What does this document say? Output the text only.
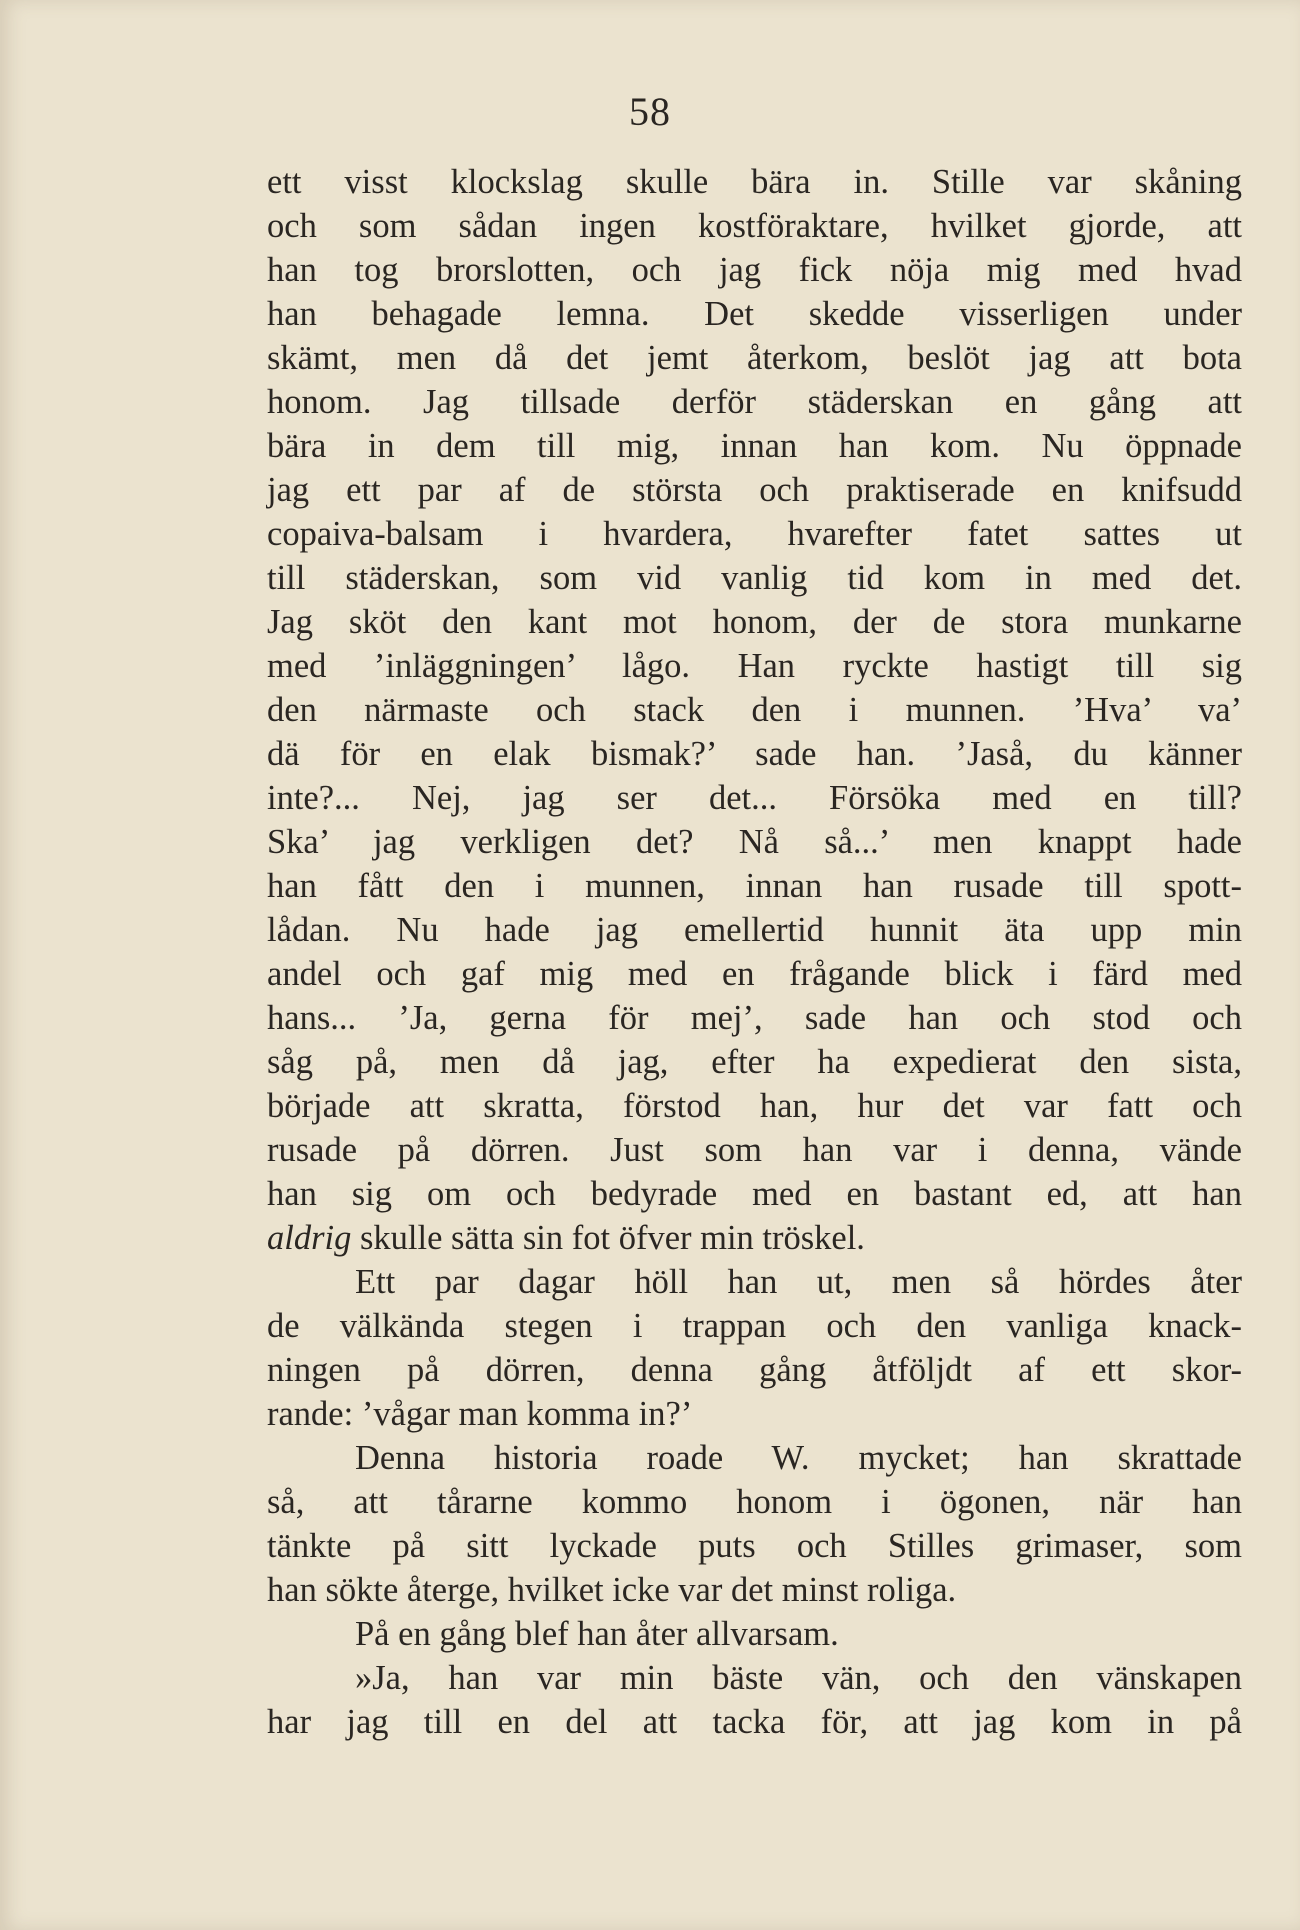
58
ett visst klockslag skulle bära in. Stille var skåning
och som sådan ingen kostföraktare, hvilket gjorde, att
han tog brorslotten, och jag fick nöja mig med hvad
han behagade lemna. Det skedde visserligen under
skämt, men då det jemt återkom, beslöt jag att bota
honom. Jag tillsade derför städerskan en gång att
bära in dem till mig, innan han kom. Nu öppnade
jag ett par af de största och praktiserade en knifsudd
copaiva-balsam i hvardera, hvarefter fatet sattes ut
till städerskan, som vid vanlig tid kom in med det.
Jag sköt den kant mot honom, der de stora munkarne
med ’inläggningen’ lågo. Han ryckte hastigt till sig
den närmaste och stack den i munnen. ’Hva’ va’
dä för en elak bismak?’ sade han. ’Jaså, du känner
inte?... Nej, jag ser det... Försöka med en till?
Ska’ jag verkligen det? Nå så...’ men knappt hade
han fått den i munnen, innan han rusade till spott-
lådan. Nu hade jag emellertid hunnit äta upp min
andel och gaf mig med en frågande blick i färd med
hans... ’Ja, gerna för mej’, sade han och stod och
såg på, men då jag, efter ha expedierat den sista,
började att skratta, förstod han, hur det var fatt och
rusade på dörren. Just som han var i denna, vände
han sig om och bedyrade med en bastant ed, att han
aldrig skulle sätta sin fot öfver min tröskel.
Ett par dagar höll han ut, men så hördes åter
de välkända stegen i trappan och den vanliga knack-
ningen på dörren, denna gång åtföljdt af ett skor-
rande: ’vågar man komma in?’
Denna historia roade W. mycket; han skrattade
så, att tårarne kommo honom i ögonen, när han
tänkte på sitt lyckade puts och Stilles grimaser, som
han sökte återge, hvilket icke var det minst roliga.
På en gång blef han åter allvarsam.
»Ja, han var min bäste vän, och den vänskapen
har jag till en del att tacka för, att jag kom in på
